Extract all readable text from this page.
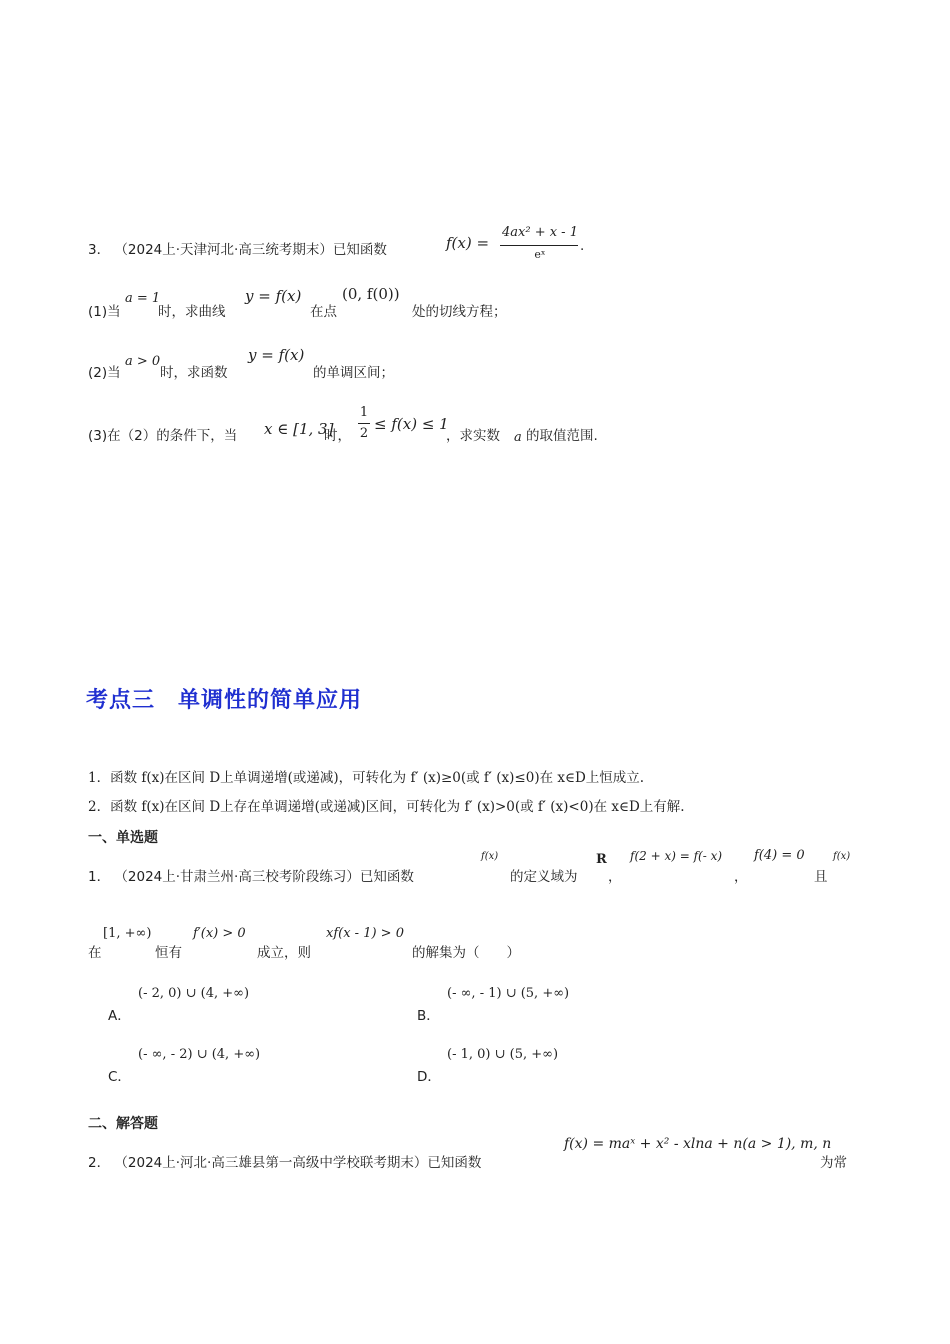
3． （2024上·天津河北·高三统考期末）已知函数	f(x) =
4ax² + x - 1
eˣ
.
(1)当
a = 1
时，求曲线
y = f(x)
在点
(0, f(0))
处的切线方程；
(2)当
a > 0
时，求函数
y = f(x)
的单调区间；
(3)在（2）的条件下，当 x ∈ [1, 3]
时，
1
2
≤ f(x) ≤ 1
，求实数 a 的取值范围.
考点三　单调性的简单应用
1．函数 f(x)在区间 D上单调递增(或递减)，可转化为 f′ (x)≥0(或 f′ (x)≤0)在 x∈D上恒成立.
2．函数 f(x)在区间 D上存在单调递增(或递减)区间，可转化为 f′ (x)>0(或 f′ (x)<0)在 x∈D上有解.
一、单选题
1． （2024上·甘肃兰州·高三校考阶段练习）已知函数
f(x)
的定义域为
R
，
f(2 + x) = f(- x)
，
f(4) = 0
且
f(x)
在
[1, +∞)
恒有
f′(x) > 0
成立，则
xf(x - 1) > 0
的解集为（　　）
A．
(- 2, 0) ∪ (4, +∞)
B．
(- ∞, - 1) ∪ (5, +∞)
C．
(- ∞, - 2) ∪ (4, +∞)
D．
(- 1, 0) ∪ (5, +∞)
二、解答题
2． （2024上·河北·高三雄县第一高级中学校联考期末）已知函数
f(x) = maˣ + x² - xlna + n(a > 1), m, n
为常
